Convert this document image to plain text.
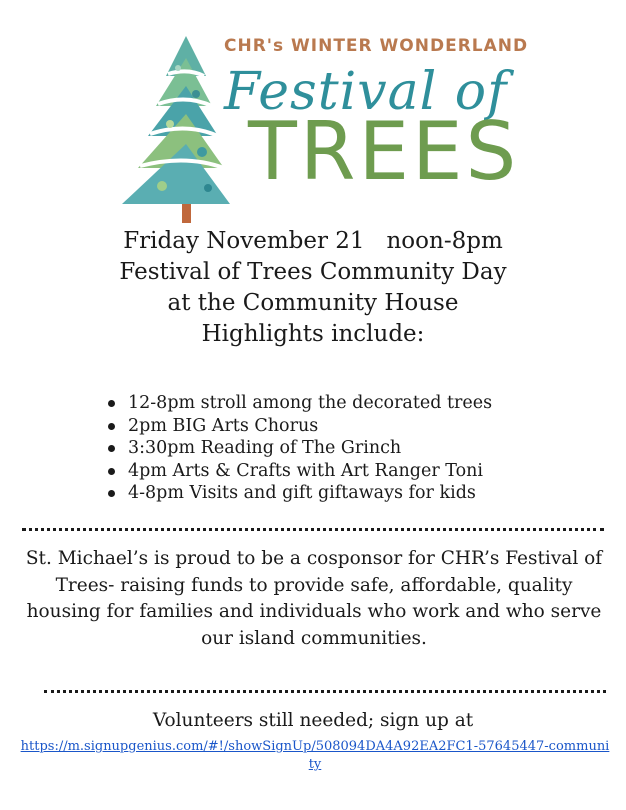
CHR's WINTER WONDERLAND
Festival of
TREES
Friday November 21   noon-8pm
Festival of Trees Community Day
at the Community House
Highlights include:
12-8pm stroll among the decorated trees
2pm BIG Arts Chorus
3:30pm Reading of The Grinch
4pm Arts & Crafts with Art Ranger Toni
4-8pm Visits and gift giftaways for kids
St. Michael’s is proud to be a cosponsor for CHR’s Festival of Trees- raising funds to provide safe, affordable, quality housing for families and individuals who work and who serve our island communities.
Volunteers still needed; sign up at
https://m.signupgenius.com/#!/showSignUp/508094DA4A92EA2FC1-57645447-community
